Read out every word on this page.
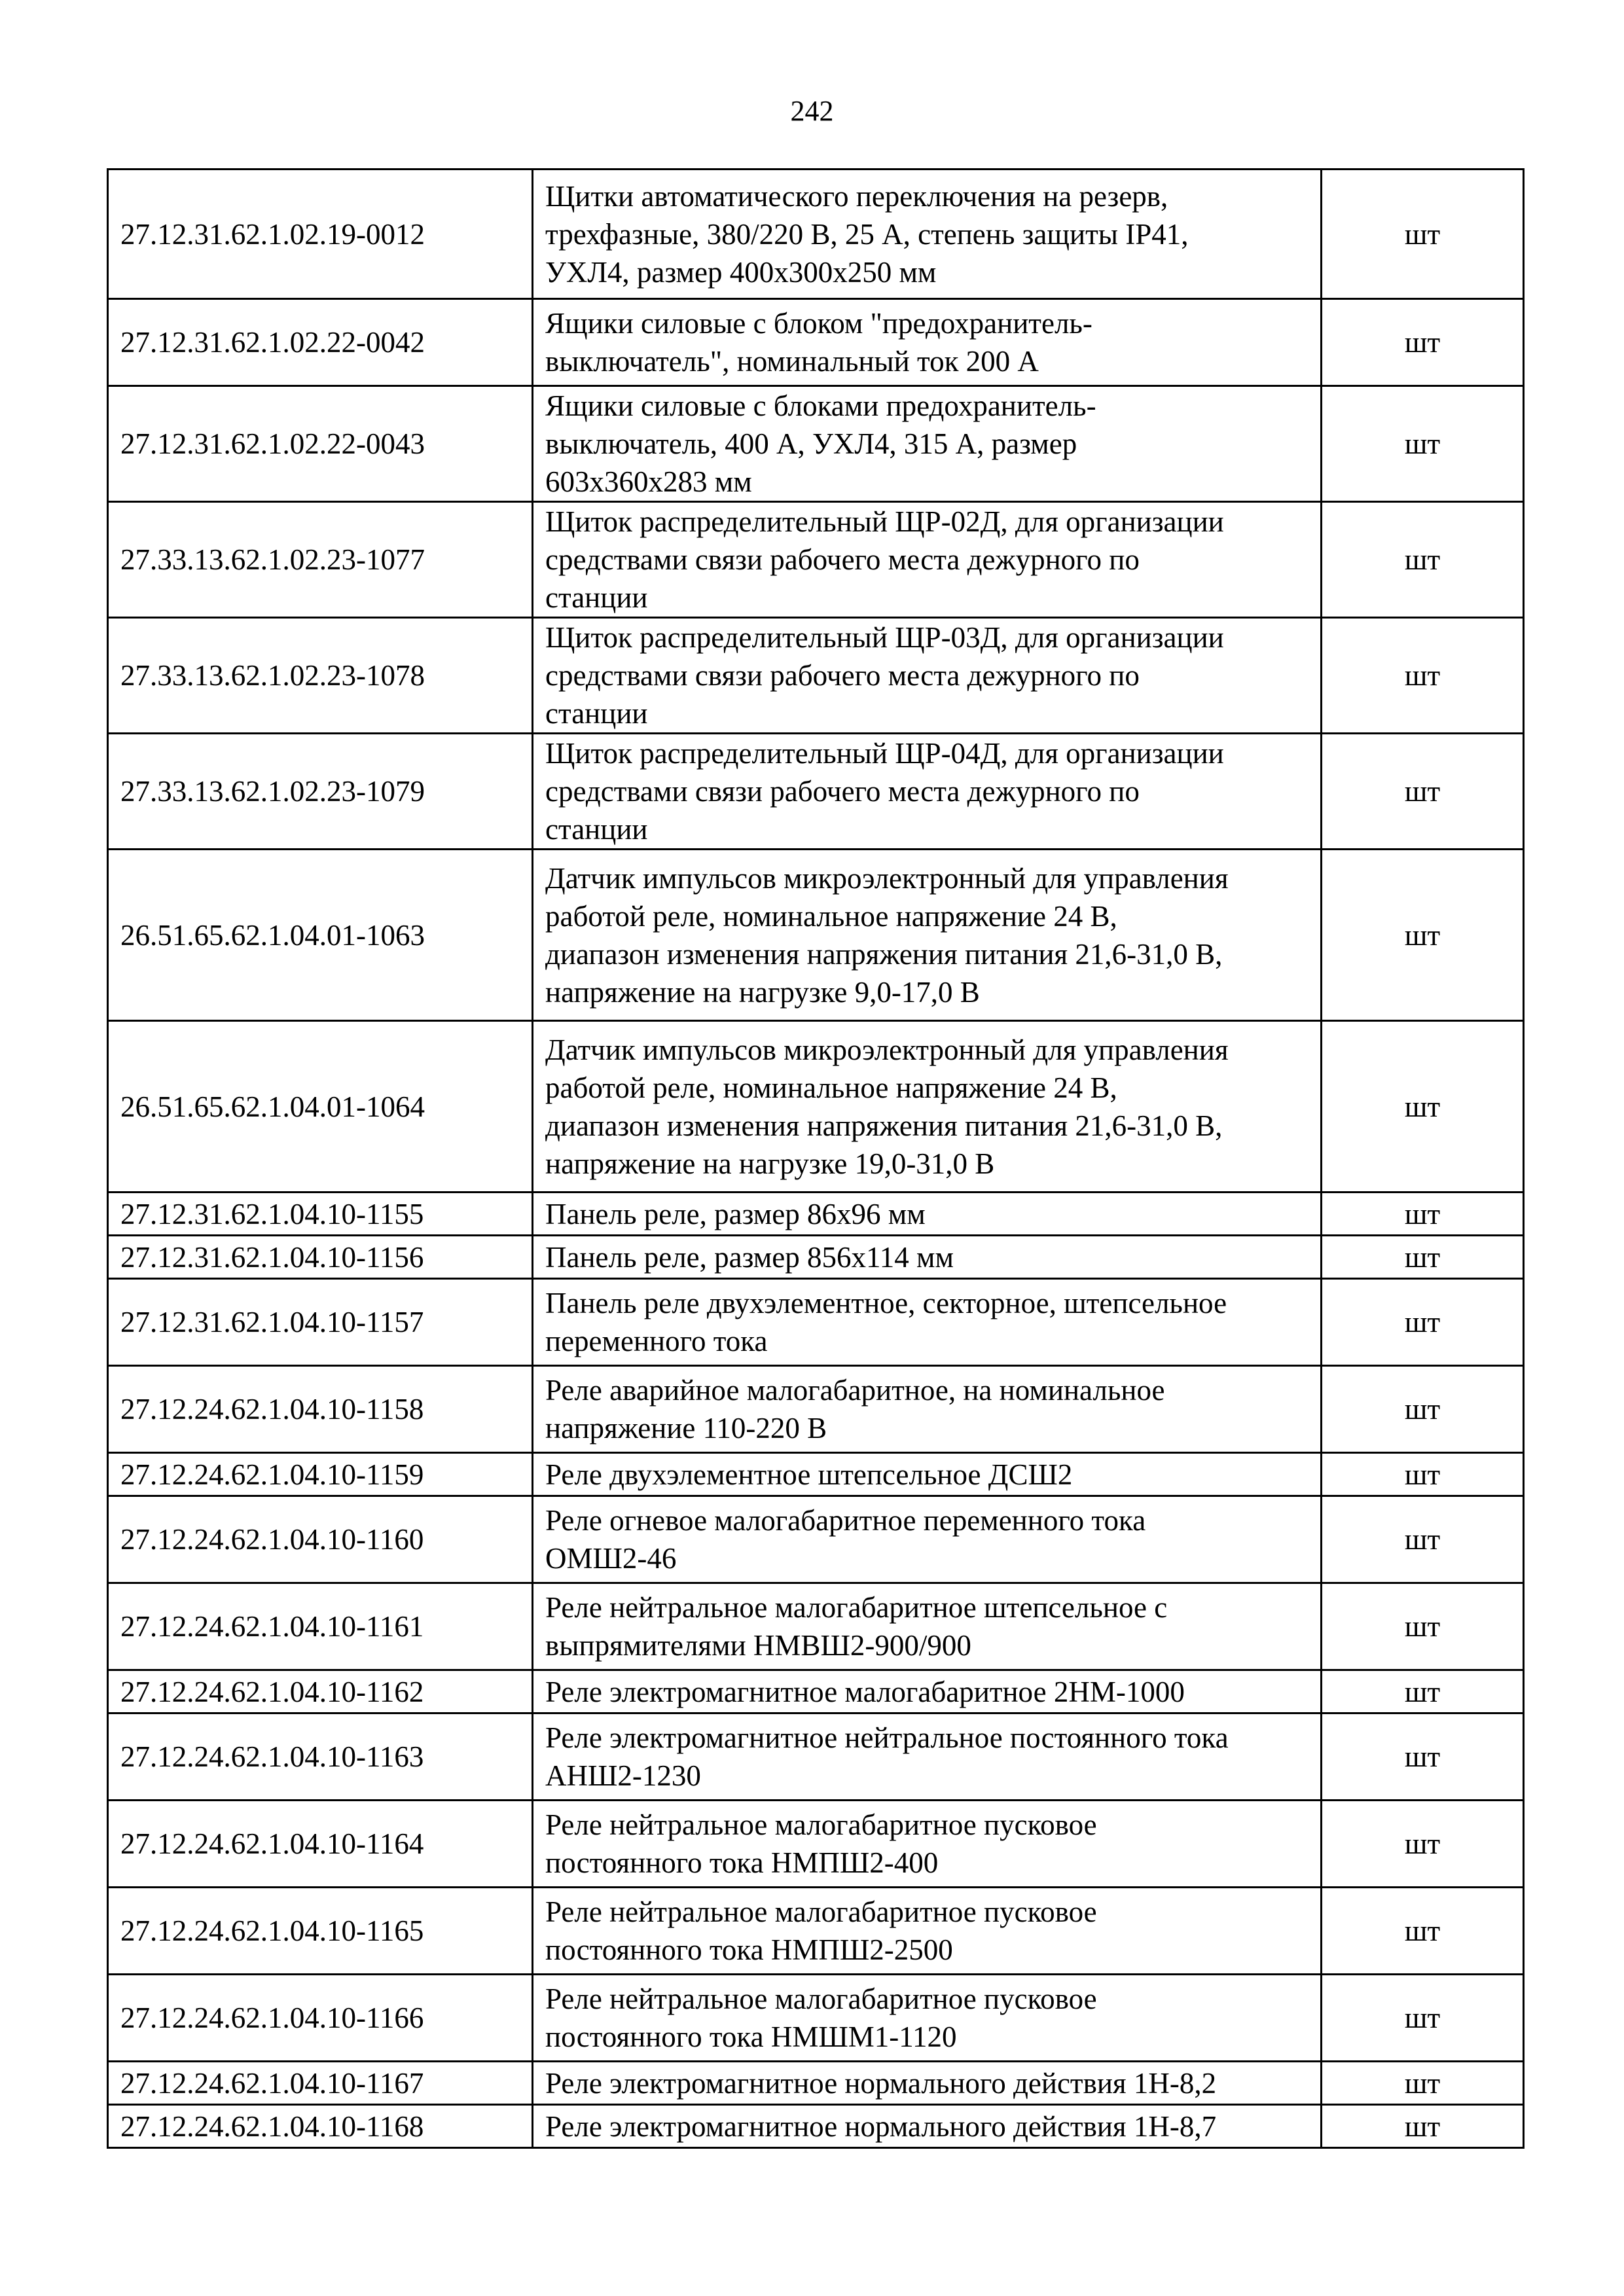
242
27.12.31.62.1.02.19-0012	Щитки автоматического переключения на резерв,
трехфазные, 380/220 В, 25 А, степень защиты IP41,
УХЛ4, размер 400х300х250 мм	шт
27.12.31.62.1.02.22-0042	Ящики силовые с блоком "предохранитель-
выключатель", номинальный ток 200 А	шт
27.12.31.62.1.02.22-0043	Ящики силовые с блоками предохранитель-
выключатель, 400 А, УХЛ4, 315 А, размер
603х360х283 мм	шт
27.33.13.62.1.02.23-1077	Щиток распределительный ЩР-02Д, для организации
средствами связи рабочего места дежурного по
станции	шт
27.33.13.62.1.02.23-1078	Щиток распределительный ЩР-03Д, для организации
средствами связи рабочего места дежурного по
станции	шт
27.33.13.62.1.02.23-1079	Щиток распределительный ЩР-04Д, для организации
средствами связи рабочего места дежурного по
станции	шт
26.51.65.62.1.04.01-1063	Датчик импульсов микроэлектронный для управления
работой реле, номинальное напряжение 24 В,
диапазон изменения напряжения питания 21,6-31,0 В,
напряжение на нагрузке 9,0-17,0 В	шт
26.51.65.62.1.04.01-1064	Датчик импульсов микроэлектронный для управления
работой реле, номинальное напряжение 24 В,
диапазон изменения напряжения питания 21,6-31,0 В,
напряжение на нагрузке 19,0-31,0 В	шт
27.12.31.62.1.04.10-1155	Панель реле, размер 86х96 мм	шт
27.12.31.62.1.04.10-1156	Панель реле, размер 856х114 мм	шт
27.12.31.62.1.04.10-1157	Панель реле двухэлементное, секторное, штепсельное
переменного тока	шт
27.12.24.62.1.04.10-1158	Реле аварийное малогабаритное, на номинальное
напряжение 110-220 В	шт
27.12.24.62.1.04.10-1159	Реле двухэлементное штепсельное ДСШ2	шт
27.12.24.62.1.04.10-1160	Реле огневое малогабаритное переменного тока
ОМШ2-46	шт
27.12.24.62.1.04.10-1161	Реле нейтральное малогабаритное штепсельное с
выпрямителями НМВШ2-900/900	шт
27.12.24.62.1.04.10-1162	Реле электромагнитное малогабаритное 2НМ-1000	шт
27.12.24.62.1.04.10-1163	Реле электромагнитное нейтральное постоянного тока
АНШ2-1230	шт
27.12.24.62.1.04.10-1164	Реле нейтральное малогабаритное пусковое
постоянного тока НМПШ2-400	шт
27.12.24.62.1.04.10-1165	Реле нейтральное малогабаритное пусковое
постоянного тока НМПШ2-2500	шт
27.12.24.62.1.04.10-1166	Реле нейтральное малогабаритное пусковое
постоянного тока НМШМ1-1120	шт
27.12.24.62.1.04.10-1167	Реле электромагнитное нормального действия 1Н-8,2	шт
27.12.24.62.1.04.10-1168	Реле электромагнитное нормального действия 1Н-8,7	шт
